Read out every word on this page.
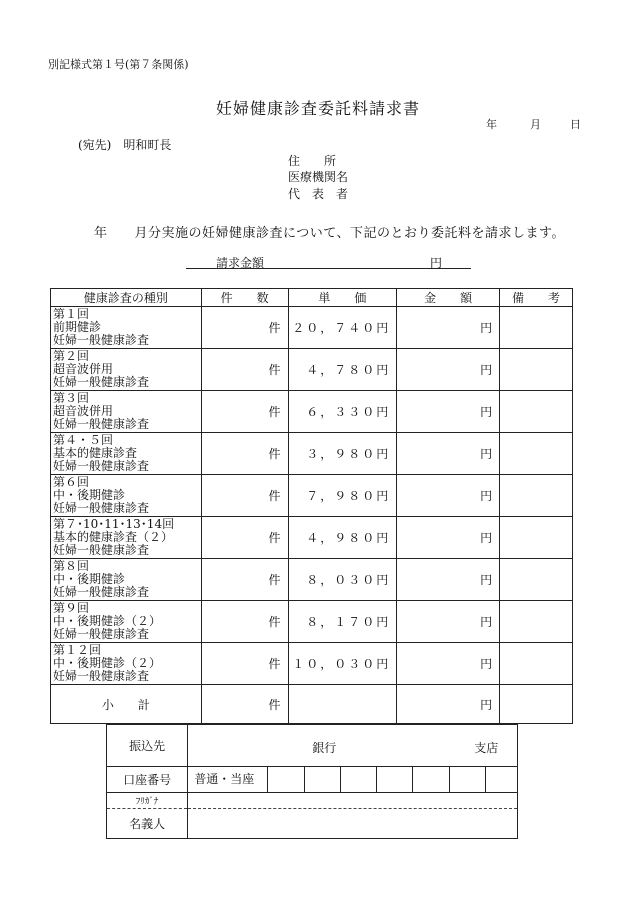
別記様式第１号(第７条関係)
妊婦健康診査委託料請求書
年	月	日
(宛先)　明和町長
住　　所
医療機関名
代　表　者
年　　月分実施の妊婦健康診査について、下記のとおり委託料を請求します。
請求金額	円
健康診査の種別	件　　数	単　　価	金　　額	備　　考

第１回
前期健診
妊婦一般健康診査	件	２０，７４０円	円	

第２回
超音波併用
妊婦一般健康診査	件	４，７８０円	円	

第３回
超音波併用
妊婦一般健康診査	件	６，３３０円	円	

第４・５回
基本的健康診査
妊婦一般健康診査	件	３，９８０円	円	

第６回
中・後期健診
妊婦一般健康診査	件	７，９８０円	円	

第７･10･11･13･14回
基本的健康診査（２）
妊婦一般健康診査	件	４，９８０円	円	

第８回
中・後期健診
妊婦一般健康診査	件	８，０３０円	円	

第９回
中・後期健診（２）
妊婦一般健康診査	件	８，１７０円	円	

第１２回
中・後期健診（２）
妊婦一般健康診査	件	１０，０３０円	円	
小　　計	件		円	
振込先	銀行 支店

口座番号	普通・当座

ﾌﾘｶﾞﾅ	
名義人	
